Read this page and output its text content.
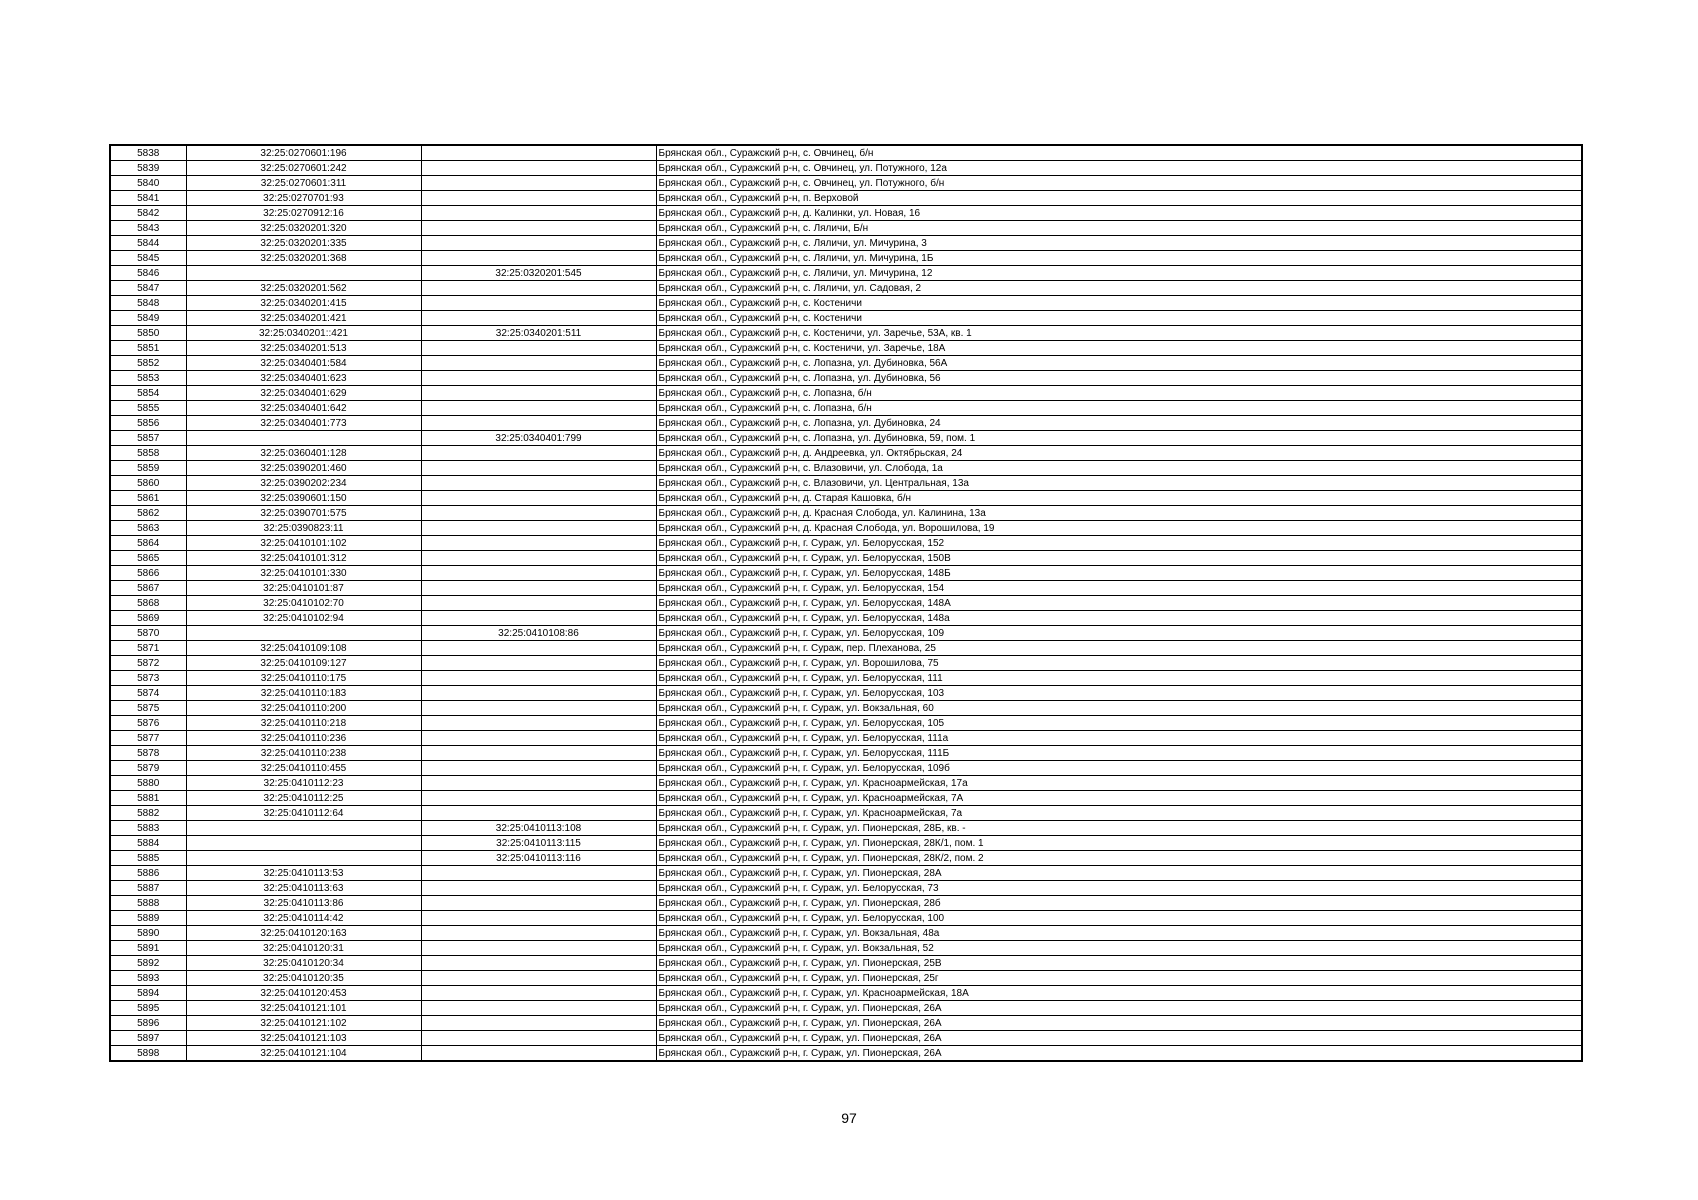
5838	32:25:0270601:196		Брянская обл., Суражский р-н, с. Овчинец, б/н
5839	32:25:0270601:242		Брянская обл., Суражский р-н, с. Овчинец, ул. Потужного, 12а
5840	32:25:0270601:311		Брянская обл., Суражский р-н, с. Овчинец, ул. Потужного, б/н
5841	32:25:0270701:93		Брянская обл., Суражский р-н, п. Верховой
5842	32:25:0270912:16		Брянская обл., Суражский р-н, д. Калинки, ул. Новая, 16
5843	32:25:0320201:320		Брянская обл., Суражский р-н, с. Ляличи, Б/н
5844	32:25:0320201:335		Брянская обл., Суражский р-н, с. Ляличи, ул. Мичурина, 3
5845	32:25:0320201:368		Брянская обл., Суражский р-н, с. Ляличи, ул. Мичурина, 1Б
5846		32:25:0320201:545	Брянская обл., Суражский р-н, с. Ляличи, ул. Мичурина, 12
5847	32:25:0320201:562		Брянская обл., Суражский р-н, с. Ляличи, ул. Садовая, 2
5848	32:25:0340201:415		Брянская обл., Суражский р-н, с. Костеничи
5849	32:25:0340201:421		Брянская обл., Суражский р-н, с. Костеничи
5850	32:25:0340201::421	32:25:0340201:511	Брянская обл., Суражский р-н, с. Костеничи, ул. Заречье, 53А, кв. 1
5851	32:25:0340201:513		Брянская обл., Суражский р-н, с. Костеничи, ул. Заречье, 18А
5852	32:25:0340401:584		Брянская обл., Суражский р-н, с. Лопазна, ул. Дубиновка, 56А
5853	32:25:0340401:623		Брянская обл., Суражский р-н, с. Лопазна, ул. Дубиновка, 56
5854	32:25:0340401:629		Брянская обл., Суражский р-н, с. Лопазна, б/н
5855	32:25:0340401:642		Брянская обл., Суражский р-н, с. Лопазна, б/н
5856	32:25:0340401:773		Брянская обл., Суражский р-н, с. Лопазна, ул. Дубиновка, 24
5857		32:25:0340401:799	Брянская обл., Суражский р-н, с. Лопазна, ул. Дубиновка, 59, пом. 1
5858	32:25:0360401:128		Брянская обл., Суражский р-н, д. Андреевка, ул. Октябрьская, 24
5859	32:25:0390201:460		Брянская обл., Суражский р-н, с. Влазовичи, ул. Слобода, 1а
5860	32:25:0390202:234		Брянская обл., Суражский р-н, с. Влазовичи, ул. Центральная, 13а
5861	32:25:0390601:150		Брянская обл., Суражский р-н, д. Старая Кашовка, б/н
5862	32:25:0390701:575		Брянская обл., Суражский р-н, д. Красная Слобода, ул. Калинина, 13а
5863	32:25:0390823:11		Брянская обл., Суражский р-н, д. Красная Слобода, ул. Ворошилова, 19
5864	32:25:0410101:102		Брянская обл., Суражский р-н, г. Сураж, ул. Белорусская, 152
5865	32:25:0410101:312		Брянская обл., Суражский р-н, г. Сураж, ул. Белорусская, 150В
5866	32:25:0410101:330		Брянская обл., Суражский р-н, г. Сураж, ул. Белорусская, 148Б
5867	32:25:0410101:87		Брянская обл., Суражский р-н, г. Сураж, ул. Белорусская, 154
5868	32:25:0410102:70		Брянская обл., Суражский р-н, г. Сураж, ул. Белорусская, 148А
5869	32:25:0410102:94		Брянская обл., Суражский р-н, г. Сураж, ул. Белорусская, 148а
5870		32:25:0410108:86	Брянская обл., Суражский р-н, г. Сураж, ул. Белорусская, 109
5871	32:25:0410109:108		Брянская обл., Суражский р-н, г. Сураж, пер. Плеханова, 25
5872	32:25:0410109:127		Брянская обл., Суражский р-н, г. Сураж, ул. Ворошилова, 75
5873	32:25:0410110:175		Брянская обл., Суражский р-н, г. Сураж, ул. Белорусская, 111
5874	32:25:0410110:183		Брянская обл., Суражский р-н, г. Сураж, ул. Белорусская, 103
5875	32:25:0410110:200		Брянская обл., Суражский р-н, г. Сураж, ул. Вокзальная, 60
5876	32:25:0410110:218		Брянская обл., Суражский р-н, г. Сураж, ул. Белорусская, 105
5877	32:25:0410110:236		Брянская обл., Суражский р-н, г. Сураж, ул. Белорусская, 111а
5878	32:25:0410110:238		Брянская обл., Суражский р-н, г. Сураж, ул. Белорусская, 111Б
5879	32:25:0410110:455		Брянская обл., Суражский р-н, г. Сураж, ул. Белорусская, 109б
5880	32:25:0410112:23		Брянская обл., Суражский р-н, г. Сураж, ул. Красноармейская, 17а
5881	32:25:0410112:25		Брянская обл., Суражский р-н, г. Сураж, ул. Красноармейская, 7А
5882	32:25:0410112:64		Брянская обл., Суражский р-н, г. Сураж, ул. Красноармейская, 7а
5883		32:25:0410113:108	Брянская обл., Суражский р-н, г. Сураж, ул. Пионерская, 28Б, кв. -
5884		32:25:0410113:115	Брянская обл., Суражский р-н, г. Сураж, ул. Пионерская, 28К/1, пом. 1
5885		32:25:0410113:116	Брянская обл., Суражский р-н, г. Сураж, ул. Пионерская, 28К/2, пом. 2
5886	32:25:0410113:53		Брянская обл., Суражский р-н, г. Сураж, ул. Пионерская, 28А
5887	32:25:0410113:63		Брянская обл., Суражский р-н, г. Сураж, ул. Белорусская, 73
5888	32:25:0410113:86		Брянская обл., Суражский р-н, г. Сураж, ул. Пионерская, 28б
5889	32:25:0410114:42		Брянская обл., Суражский р-н, г. Сураж, ул. Белорусская, 100
5890	32:25:0410120:163		Брянская обл., Суражский р-н, г. Сураж, ул. Вокзальная, 48а
5891	32:25:0410120:31		Брянская обл., Суражский р-н, г. Сураж, ул. Вокзальная, 52
5892	32:25:0410120:34		Брянская обл., Суражский р-н, г. Сураж, ул. Пионерская, 25В
5893	32:25:0410120:35		Брянская обл., Суражский р-н, г. Сураж, ул. Пионерская, 25г
5894	32:25:0410120:453		Брянская обл., Суражский р-н, г. Сураж, ул. Красноармейская, 18А
5895	32:25:0410121:101		Брянская обл., Суражский р-н, г. Сураж, ул. Пионерская, 26А
5896	32:25:0410121:102		Брянская обл., Суражский р-н, г. Сураж, ул. Пионерская, 26А
5897	32:25:0410121:103		Брянская обл., Суражский р-н, г. Сураж, ул. Пионерская, 26А
5898	32:25:0410121:104		Брянская обл., Суражский р-н, г. Сураж, ул. Пионерская, 26А
97
